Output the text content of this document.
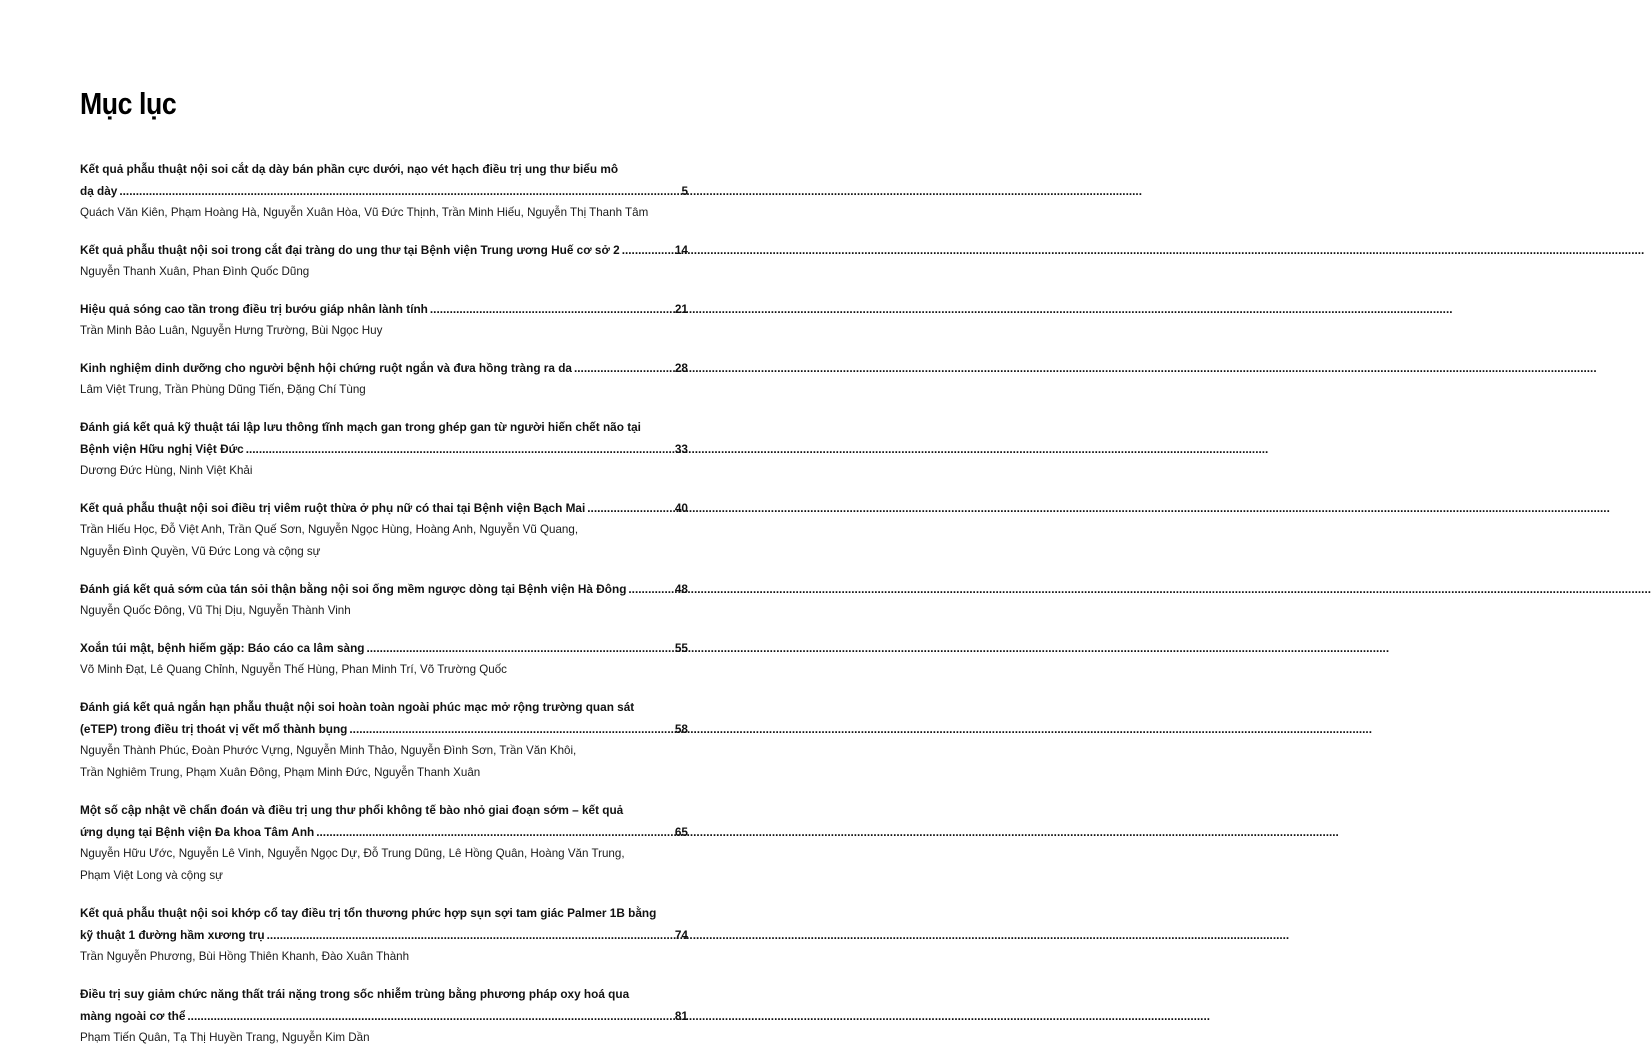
Mục lục
Kết quả phẫu thuật nội soi cắt dạ dày bán phần cực dưới, nạo vét hạch điều trị ung thư biểu mô
dạ dày .....	5

Quách Văn Kiên, Phạm Hoàng Hà, Nguyễn Xuân Hòa, Vũ Đức Thịnh, Trần Minh Hiếu, Nguyễn Thị Thanh Tâm

Kết quả phẫu thuật nội soi trong cắt đại tràng do ung thư tại Bệnh viện Trung ương Huế cơ sở 2 .....	14

Nguyễn Thanh Xuân, Phan Đình Quốc Dũng

Hiệu quả sóng cao tần trong điều trị bướu giáp nhân lành tính .....	21

Trần Minh Bảo Luân, Nguyễn Hưng Trường, Bùi Ngọc Huy

Kinh nghiệm dinh dưỡng cho người bệnh hội chứng ruột ngắn và đưa hồng tràng ra da .....	28

Lâm Việt Trung, Trần Phùng Dũng Tiến, Đặng Chí Tùng

Đánh giá kết quả kỹ thuật tái lập lưu thông tĩnh mạch gan trong ghép gan từ người hiến chết não tại
Bệnh viện Hữu nghị Việt Đức .....	33

Dương Đức Hùng, Ninh Việt Khải

Kết quả phẫu thuật nội soi điều trị viêm ruột thừa ở phụ nữ có thai tại Bệnh viện Bạch Mai .....	40

Trần Hiếu Học, Đỗ Việt Anh, Trần Quế Sơn, Nguyễn Ngọc Hùng, Hoàng Anh, Nguyễn Vũ Quang,

Nguyễn Đình Quyền, Vũ Đức Long và cộng sự

Đánh giá kết quả sớm của tán sỏi thận bằng nội soi ống mềm ngược dòng tại Bệnh viện Hà Đông .....	48

Nguyễn Quốc Đông, Vũ Thị Dịu, Nguyễn Thành Vinh

Xoắn túi mật, bệnh hiếm gặp: Báo cáo ca lâm sàng .....	55

Võ Minh Đạt, Lê Quang Chỉnh, Nguyễn Thế Hùng, Phan Minh Trí, Võ Trường Quốc

Đánh giá kết quả ngắn hạn phẫu thuật nội soi hoàn toàn ngoài phúc mạc mở rộng trường quan sát
(eTEP) trong điều trị thoát vị vết mổ thành bụng .....	58

Nguyễn Thành Phúc, Đoàn Phước Vựng, Nguyễn Minh Thảo, Nguyễn Đình Sơn, Trần Văn Khôi,

Trần Nghiêm Trung, Phạm Xuân Đông, Phạm Minh Đức, Nguyễn Thanh Xuân

Một số cập nhật về chẩn đoán và điều trị ung thư phổi không tế bào nhỏ giai đoạn sớm – kết quả
ứng dụng tại Bệnh viện Đa khoa Tâm Anh .....	65

Nguyễn Hữu Ước, Nguyễn Lê Vinh, Nguyễn Ngọc Dự, Đỗ Trung Dũng, Lê Hồng Quân, Hoàng Văn Trung,

Phạm Việt Long và cộng sự

Kết quả phẫu thuật nội soi khớp cổ tay điều trị tổn thương phức hợp sụn sợi tam giác Palmer 1B bằng
kỹ thuật 1 đường hầm xương trụ .....	74

Trần Nguyễn Phương, Bùi Hồng Thiên Khanh, Đào Xuân Thành

Điều trị suy giảm chức năng thất trái nặng trong sốc nhiễm trùng bằng phương pháp oxy hoá qua
màng ngoài cơ thể .....	81

Phạm Tiến Quân, Tạ Thị Huyền Trang, Nguyễn Kim Dần
